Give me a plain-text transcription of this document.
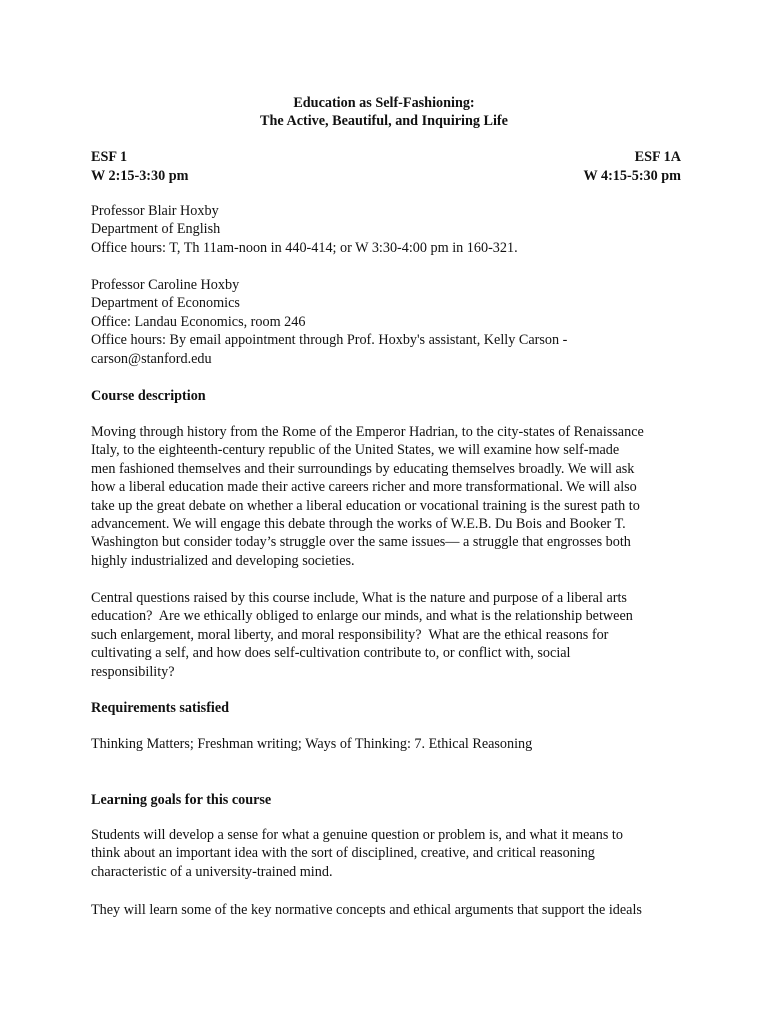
Education as Self-Fashioning:
The Active, Beautiful, and Inquiring Life
ESF 1	ESF 1A
W 2:15-3:30 pm	W 4:15-5:30 pm

Professor Blair Hoxby

Department of English

Office hours: T, Th 11am-noon in 440-414; or W 3:30-4:00 pm in 160-321.

Professor Caroline Hoxby

Department of Economics

Office: Landau Economics, room 246

Office hours: By email appointment through Prof. Hoxby's assistant, Kelly Carson -

carson@stanford.edu

Course description

Moving through history from the Rome of the Emperor Hadrian, to the city-states of Renaissance

Italy, to the eighteenth-century republic of the United States, we will examine how self-made

men fashioned themselves and their surroundings by educating themselves broadly. We will ask

how a liberal education made their active careers richer and more transformational. We will also

take up the great debate on whether a liberal education or vocational training is the surest path to

advancement. We will engage this debate through the works of W.E.B. Du Bois and Booker T.

Washington but consider today’s struggle over the same issues— a struggle that engrosses both

highly industrialized and developing societies.

Central questions raised by this course include, What is the nature and purpose of a liberal arts

education?  Are we ethically obliged to enlarge our minds, and what is the relationship between

such enlargement, moral liberty, and moral responsibility?  What are the ethical reasons for

cultivating a self, and how does self-cultivation contribute to, or conflict with, social

responsibility?

Requirements satisfied

Thinking Matters; Freshman writing; Ways of Thinking: 7. Ethical Reasoning

Learning goals for this course

Students will develop a sense for what a genuine question or problem is, and what it means to

think about an important idea with the sort of disciplined, creative, and critical reasoning

characteristic of a university-trained mind.

They will learn some of the key normative concepts and ethical arguments that support the ideals
